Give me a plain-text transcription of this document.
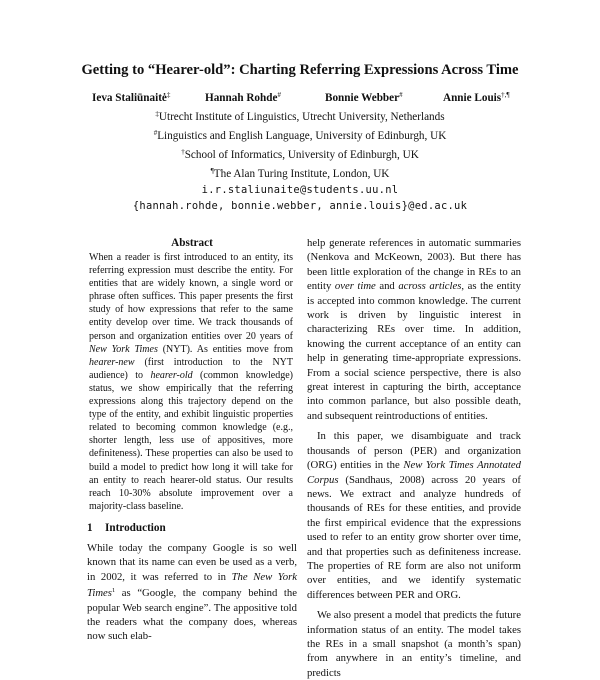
Getting to “Hearer-old”: Charting Referring Expressions Across Time
Ieva Staliūnaitė‡	Hannah Rohde#	Bonnie Webber#	Annie Louis†,¶
‡Utrecht Institute of Linguistics, Utrecht University, Netherlands
#Linguistics and English Language, University of Edinburgh, UK
†School of Informatics, University of Edinburgh, UK
¶The Alan Turing Institute, London, UK
i.r.staliunaite@students.uu.nl
{hannah.rohde, bonnie.webber, annie.louis}@ed.ac.uk
Abstract
When a reader is first introduced to an entity, its referring expression must describe the entity. For entities that are widely known, a single word or phrase often suffices. This paper presents the first study of how expressions that refer to the same entity develop over time. We track thousands of person and organization entities over 20 years of New York Times (NYT). As entities move from hearer-new (first introduction to the NYT audience) to hearer-old (common knowledge) status, we show empirically that the referring expressions along this trajectory depend on the type of the entity, and exhibit linguistic properties related to becoming common knowledge (e.g., shorter length, less use of appositives, more definiteness). These properties can also be used to build a model to predict how long it will take for an entity to reach hearer-old status. Our results reach 10-30% absolute improvement over a majority-class baseline.
1 Introduction

While today the company Google is so well known that its name can even be used as a verb, in 2002, it was referred to in The New York Times$^1$ as “Google, the company behind the popular Web search engine”. The appositive told the readers what the company does, whereas now such elab-

help generate references in automatic summaries (Nenkova and McKeown, 2003). But there has been little exploration of the change in REs to an entity over time and across articles, as the entity is accepted into common knowledge. The current work is driven by linguistic interest in characterizing REs over time. In addition, knowing the current acceptance of an entity can help in generating time-appropriate expressions. From a social science perspective, there is also great interest in capturing the birth, acceptance into common parlance, but also possible death, and subsequent reintroductions of entities.

In this paper, we disambiguate and track thousands of person (PER) and organization (ORG) entities in the New York Times Annotated Corpus (Sandhaus, 2008) across 20 years of news. We extract and analyze hundreds of thousands of REs for these entities, and provide the first empirical evidence that the expressions used to refer to an entity grow shorter over time, and that properties such as definiteness increase. The properties of RE form are also not uniform over entities, and we identify systematic differences between PER and ORG.

We also present a model that predicts the future information status of an entity. The model takes the REs in a small snapshot (a month’s span) from anywhere in an entity’s timeline, and predicts
